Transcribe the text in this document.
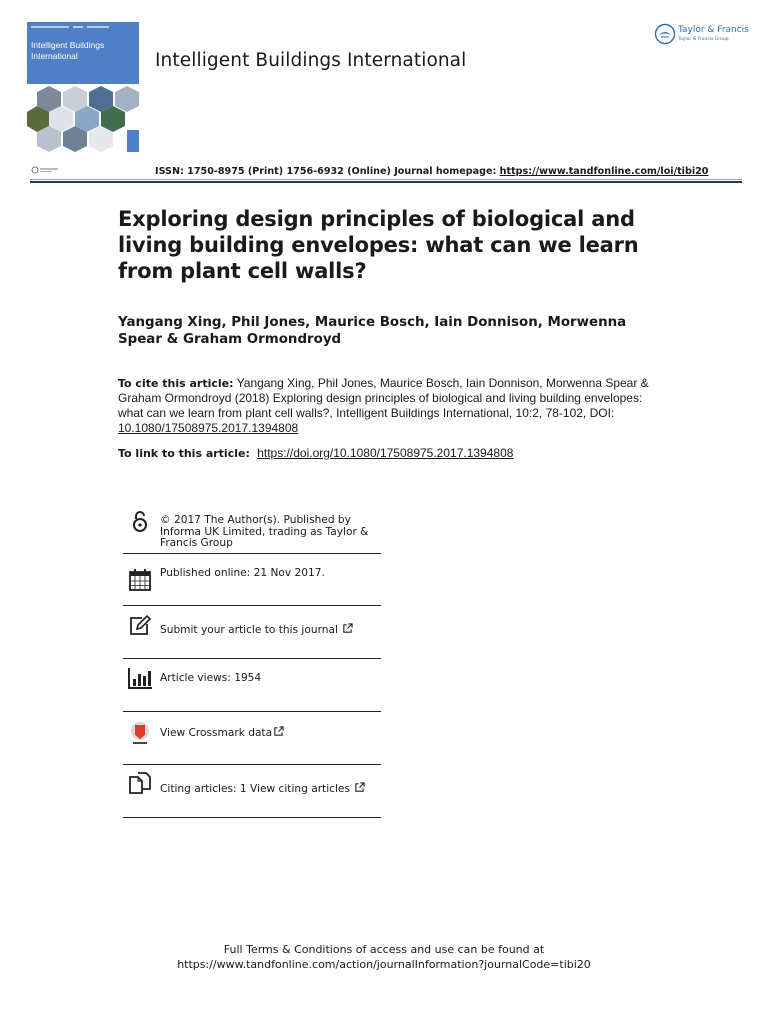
Intelligent Buildings International	Intelligent Buildings International
Taylor & Francis
Taylor & Francis Group
ISSN: 1750-8975 (Print) 1756-6932 (Online) Journal homepage: https://www.tandfonline.com/loi/tibi20
Exploring design principles of biological and living building envelopes: what can we learn from plant cell walls?
Yangang Xing, Phil Jones, Maurice Bosch, Iain Donnison, Morwenna Spear & Graham Ormondroyd
To cite this article: Yangang Xing, Phil Jones, Maurice Bosch, Iain Donnison, Morwenna Spear & Graham Ormondroyd (2018) Exploring design principles of biological and living building envelopes: what can we learn from plant cell walls?, Intelligent Buildings International, 10:2, 78-102, DOI: 10.1080/17508975.2017.1394808
To link to this article: https://doi.org/10.1080/17508975.2017.1394808
© 2017 The Author(s). Published by Informa UK Limited, trading as Taylor & Francis Group
Published online: 21 Nov 2017.
Submit your article to this journal
Article views: 1954
View Crossmark data
Citing articles: 1 View citing articles
Full Terms & Conditions of access and use can be found at
https://www.tandfonline.com/action/journalInformation?journalCode=tibi20
